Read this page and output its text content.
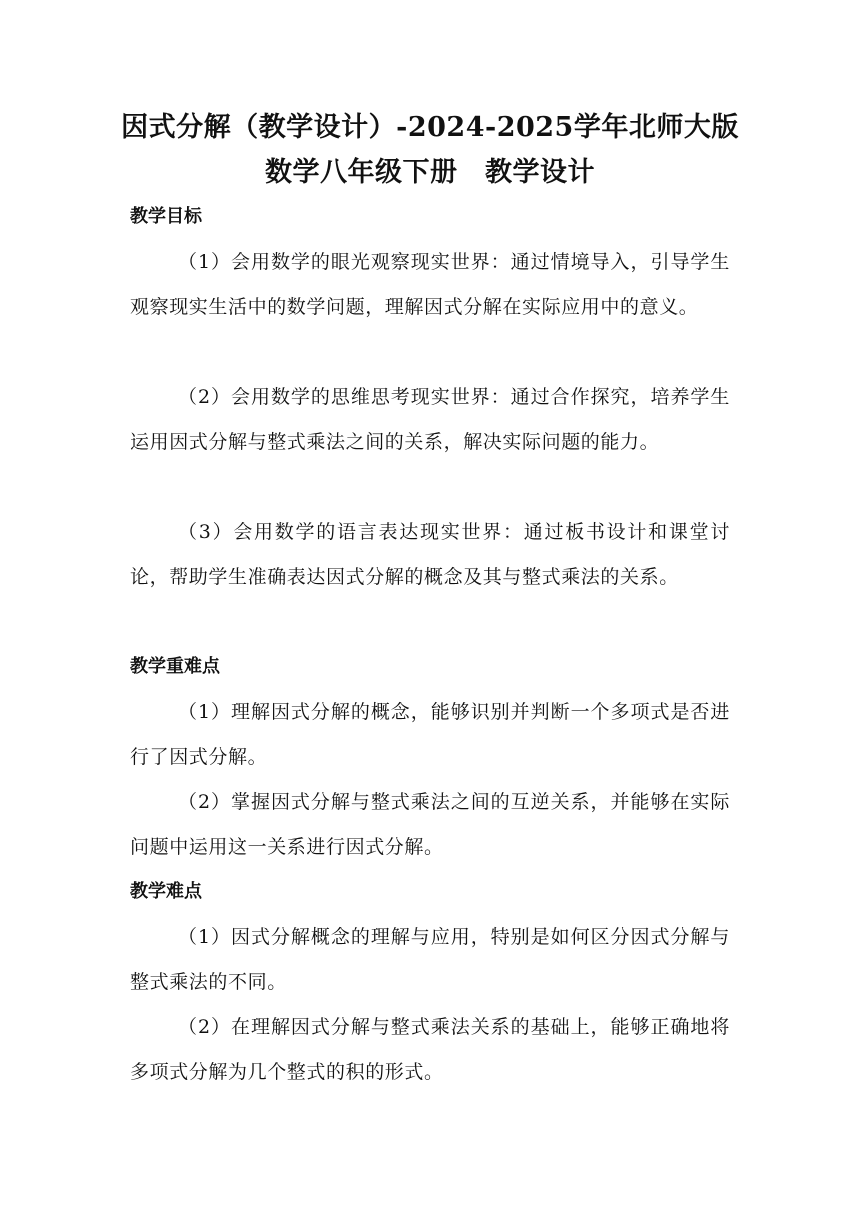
因式分解（教学设计）-2024-2025学年北师大版
数学八年级下册　教学设计
教学目标
（1）会用数学的眼光观察现实世界：通过情境导入，引导学生观察现实生活中的数学问题，理解因式分解在实际应用中的意义。
（2）会用数学的思维思考现实世界：通过合作探究，培养学生运用因式分解与整式乘法之间的关系，解决实际问题的能力。
（3）会用数学的语言表达现实世界：通过板书设计和课堂讨论，帮助学生准确表达因式分解的概念及其与整式乘法的关系。
教学重难点
（1）理解因式分解的概念，能够识别并判断一个多项式是否进行了因式分解。
（2）掌握因式分解与整式乘法之间的互逆关系，并能够在实际问题中运用这一关系进行因式分解。
教学难点
（1）因式分解概念的理解与应用，特别是如何区分因式分解与整式乘法的不同。
（2）在理解因式分解与整式乘法关系的基础上，能够正确地将多项式分解为几个整式的积的形式。
